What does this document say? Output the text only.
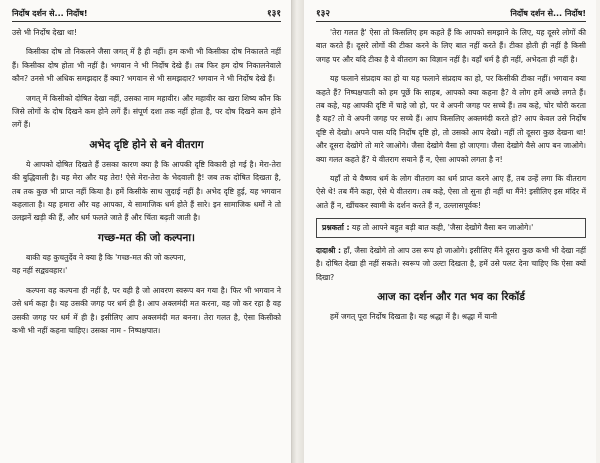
निर्दोष दर्शन से... निर्दोष!	१३१

उसे भी निर्दोष देखा था!

किसीका दोष तो निकलने जैसा जगत् में है ही नहीं। हम कभी भी किसीका दोष निकालते नहीं हैं। किसीका दोष होता भी नहीं है। भगवान ने भी निर्दोष देखे हैं। तब फिर हम दोष निकालनेवाले कौन? उनसे भी अधिक समझदार हैं क्या? भगवान से भी समझदार? भगवान ने भी निर्दोष देखे हैं।

जगत् में किसीको दोषित देखा नहीं, उसका नाम महावीर। और महावीर का खरा शिष्य कौन कि जिसे लोगों के दोष दिखने कम होने लगें हैं। संपूर्ण दशा तक नहीं होता है, पर दोष दिखने कम होने लगें हैं।

अभेद दृष्टि होने से बने वीतराग

ये आपको दोषित दिखते हैं उसका कारण क्या है कि आपकी दृष्टि विकारी हो गई है। मेरा-तेरा की बुद्धिवाली है। यह मेरा और यह तेरा! ऐसे मेरा-तेरा के भेदवाली है! जब तक दोषित दिखता है, तब तक कुछ भी प्राप्त नहीं किया है। हमें किसीके साथ जुदाई नहीं है। अभेद दृष्टि हुई, यह भगवान कहलाता है। यह हमारा और यह आपका, ये सामाजिक धर्म होते हैं सारे। इन सामाजिक धर्मों ने तो उलझनें खड़ी की हैं, और धर्म फलते जाते हैं और चिंता बढ़ती जाती है।

गच्छ-मत की जो कल्पना।

बाकी यह कुचतुर्देव ने क्या है कि 'गच्छ-मत की जो कल्पना,
वह नहीं सद्व्यवहार।'

कल्पना वह कल्पना ही नहीं है, पर वही है जो आवरण स्वरूप बन गया है। फिर भी भगवान ने उसे धर्म कहा है। यह उसकी जगह पर धर्म ही है। आप अक्लमंदी मत करना, वह जो कर रहा है वह उसकी जगह पर धर्म में ही है। इसीलिए आप अक्लमंदी मत बनना। तेरा गलत है, ऐसा किसीको कभी भी नहीं कहना चाहिए। उसका नाम - निष्पक्षपात।

१३२	निर्दोष दर्शन से... निर्दोष!

'तेरा गलत है' ऐसा तो किसलिए हम कहते हैं कि आपको समझाने के लिए, यह दूसरे लोगों की बात करते हैं। दूसरे लोगों की टीका करने के लिए बात नहीं करते हैं। टीका होती ही नहीं है किसी जगह पर और यदि टीका है वे वीतराग का विज्ञान नहीं है। वहाँ धर्म है ही नहीं, अभेदता ही नहीं है।

यह फलाने संप्रदाय का हो या यह फलाने संप्रदाय का हो, पर किसीकी टीका नहीं। भगवान क्या कहते हैं? निष्पक्षपाती को हम पूछें कि साहब, आपको क्या कहना है? वे लोग हमें अच्छे लगते हैं। तब कहे, यह आपकी दृष्टि में चाहे जो हो, पर वे अपनी जगह पर सच्चे हैं। तब कहे, चोर चोरी करता है यह? तो वे अपनी जगह पर सच्चे हैं। आप किसलिए अक्लमंदी करते हो? आप केवल उसे निर्दोष दृष्टि से देखो। अपने पास यदि निर्दोष दृष्टि हो, तो उसको आप देखो। नहीं तो दूसरा कुछ देखना था! और दूसरा देखोगे तो मारे जाओगे। जैसा देखोगे वैसा हो जाएगा। जैसा देखोगे वैसे आप बन जाओगे। क्या गलत कहते हैं? ये वीतराग सयाने हैं न, ऐसा आपको लगता है न!

यहाँ तो ये वैष्णव धर्म के लोग वीतराग का धर्म प्राप्त करने आए हैं, तब उन्हें लगा कि वीतराग ऐसे थे! तब मैंने कहा, ऐसे थे वीतराग। तब कहे, ऐसा तो सुना ही नहीं था मैंने! इसीलिए इस मंदिर में आते हैं न, खींचकर स्वामी के दर्शन करते हैं न, उल्लासपूर्वक!

प्रश्नकर्ता : यह तो आपने बहुत बड़ी बात कही, 'जैसा देखोगे वैसा बन जाओगे।'
दादाश्री : हाँ, जैसा देखोगे तो आप उस रूप हो जाओगे। इसीलिए मैंने दूसरा कुछ कभी भी देखा नहीं है। दोषित देखा ही नहीं सकते। स्वरूप जो उल्टा दिखता है, हमें उसे पलट देना चाहिए कि ऐसा क्यों दिखा?
आज का दर्शन और गत भव का रिकॉर्ड

हमें जगत् पूरा निर्दोष दिखता है। यह श्रद्धा में है। श्रद्धा में यानी
